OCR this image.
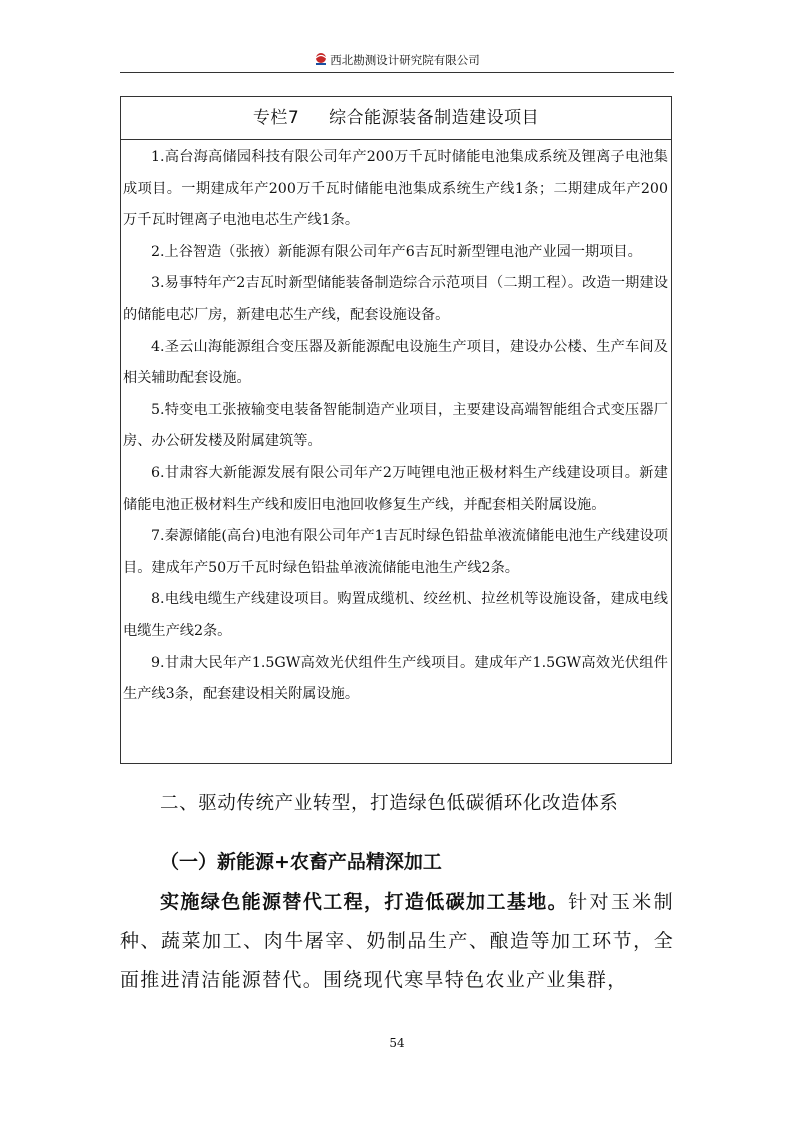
西北勘测设计研究院有限公司
专栏7 综合能源装备制造建设项目

1.高台海高储园科技有限公司年产200万千瓦时储能电池集成系统及锂离子电池集成项目。一期建成年产200万千瓦时储能电池集成系统生产线1条；二期建成年产200万千瓦时锂离子电池电芯生产线1条。

2.上谷智造（张掖）新能源有限公司年产6吉瓦时新型锂电池产业园一期项目。

3.易事特年产2吉瓦时新型储能装备制造综合示范项目（二期工程）。改造一期建设的储能电芯厂房，新建电芯生产线，配套设施设备。

4.圣云山海能源组合变压器及新能源配电设施生产项目，建设办公楼、生产车间及相关辅助配套设施。

5.特变电工张掖输变电装备智能制造产业项目，主要建设高端智能组合式变压器厂房、办公研发楼及附属建筑等。

6.甘肃容大新能源发展有限公司年产2万吨锂电池正极材料生产线建设项目。新建储能电池正极材料生产线和废旧电池回收修复生产线，并配套相关附属设施。

7.秦源储能(高台)电池有限公司年产1吉瓦时绿色铅盐单液流储能电池生产线建设项目。建成年产50万千瓦时绿色铅盐单液流储能电池生产线2条。

8.电线电缆生产线建设项目。购置成缆机、绞丝机、拉丝机等设施设备，建成电线电缆生产线2条。

9.甘肃大民年产1.5GW高效光伏组件生产线项目。建成年产1.5GW高效光伏组件生产线3条，配套建设相关附属设施。

二、驱动传统产业转型，打造绿色低碳循环化改造体系
（一）新能源+农畜产品精深加工

实施绿色能源替代工程，打造低碳加工基地。针对玉米制种、蔬菜加工、肉牛屠宰、奶制品生产、酿造等加工环节，全面推进清洁能源替代。围绕现代寒旱特色农业产业集群，

54
